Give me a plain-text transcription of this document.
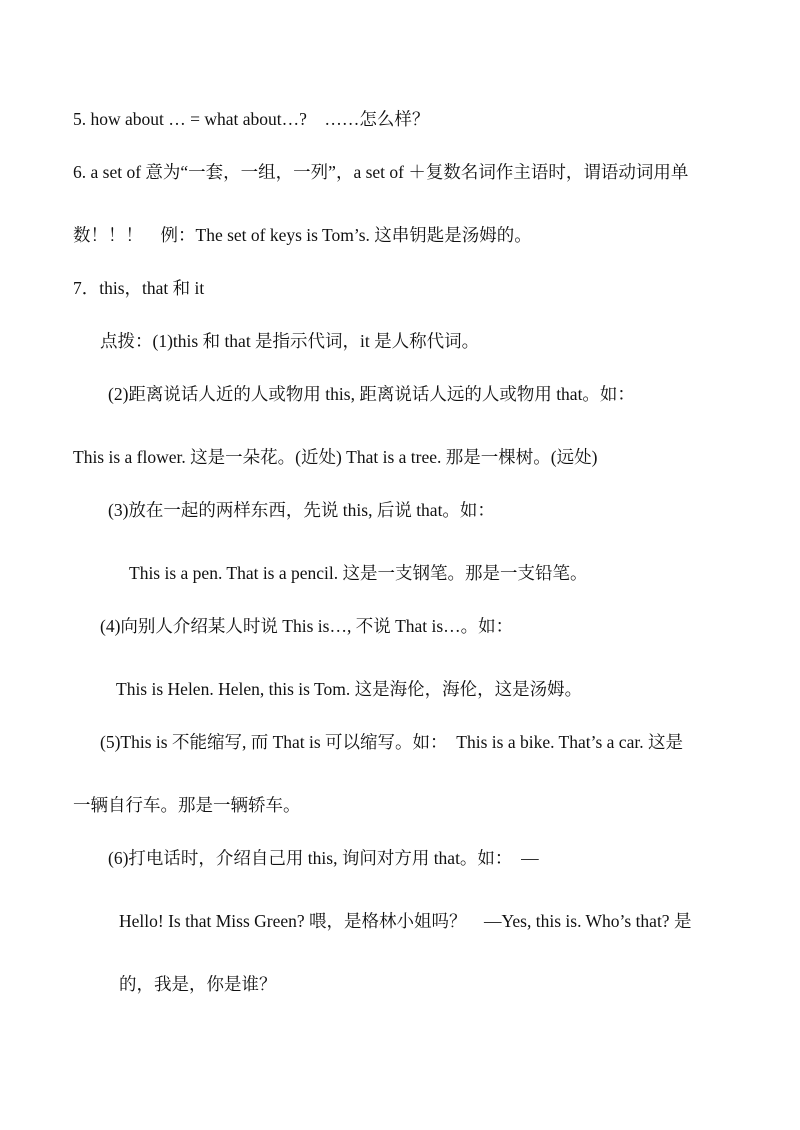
5. how about … = what about…?　……怎么样？
6. a set of 意为“一套，一组，一列”，a set of ＋复数名词作主语时，谓语动词用单
数！！！　例：The set of keys is Tom’s. 这串钥匙是汤姆的。
7．this，that 和 it
点拨：(1)this 和 that 是指示代词，it 是人称代词。
(2)距离说话人近的人或物用 this, 距离说话人远的人或物用 that。如：
This is a flower. 这是一朵花。(近处) That is a tree. 那是一棵树。(远处)
(3)放在一起的两样东西，先说 this, 后说 that。如：
This is a pen. That is a pencil. 这是一支钢笔。那是一支铅笔。
(4)向别人介绍某人时说 This is…, 不说 That is…。如：
This is Helen. Helen, this is Tom. 这是海伦，海伦，这是汤姆。
(5)This is 不能缩写, 而 That is 可以缩写。如：　This is a bike. That’s a car. 这是
一辆自行车。那是一辆轿车。
(6)打电话时，介绍自己用 this, 询问对方用 that。如：　—
Hello! Is that Miss Green? 喂，是格林小姐吗？　—Yes, this is. Who’s that? 是
的，我是，你是谁？
